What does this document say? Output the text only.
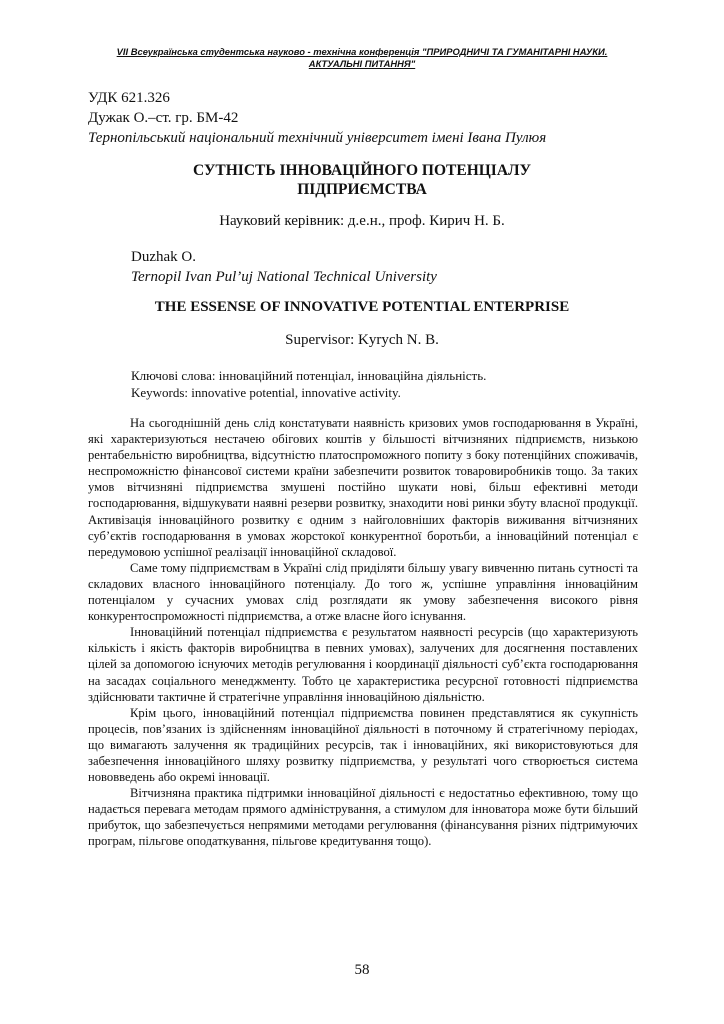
VII Всеукраїнська студентська науково - технічна конференція "ПРИРОДНИЧІ ТА ГУМАНІТАРНІ НАУКИ.
АКТУАЛЬНІ ПИТАННЯ"
УДК 621.326
Дужак О.–ст. гр. БМ-42
Тернопільський національний технічний університет імені Івана Пулюя
СУТНІСТЬ ІННОВАЦІЙНОГО ПОТЕНЦІАЛУ
ПІДПРИЄМСТВА
Науковий керівник: д.е.н., проф. Кирич Н. Б.
Duzhak O.
Ternopil Ivan Pul’uj National Technical University
THE ESSENSE OF INNOVATIVE POTENTIAL ENTERPRISE
Supervisor: Kyrych N. B.
Ключові слова: інноваційний потенціал, інноваційна діяльність.
Keywords: innovative potential, innovative activity.

На сьогоднішній день слід констатувати наявність кризових умов господарювання в Україні, які характеризуються нестачею обігових коштів у більшості вітчизняних підприємств, низькою рентабельністю виробництва, відсутністю платоспроможного попиту з боку потенційних споживачів, неспроможністю фінансової системи країни забезпечити розвиток товаровиробників тощо. За таких умов вітчизняні підприємства змушені постійно шукати нові, більш ефективні методи господарювання, відшукувати наявні резерви розвитку, знаходити нові ринки збуту власної продукції. Активізація інноваційного розвитку є одним з найголовніших факторів виживання вітчизняних суб’єктів господарювання в умовах жорстокої конкурентної боротьби, а інноваційний потенціал є передумовою успішної реалізації інноваційної складової.

Саме тому підприємствам в Україні слід приділяти більшу увагу вивченню питань сутності та складових власного інноваційного потенціалу. До того ж, успішне управління інноваційним потенціалом у сучасних умовах слід розглядати як умову забезпечення високого рівня конкурентоспроможності підприємства, а отже власне його існування.

Інноваційний потенціал підприємства є результатом наявності ресурсів (що характеризують кількість і якість факторів виробництва в певних умовах), залучених для досягнення поставлених цілей за допомогою існуючих методів регулювання і координації діяльності суб’єкта господарювання на засадах соціального менеджменту. Тобто це характеристика ресурсної готовності підприємства здійснювати тактичне й стратегічне управління інноваційною діяльністю.

Крім цього, інноваційний потенціал підприємства повинен представлятися як сукупність процесів, пов’язаних із здійсненням інноваційної діяльності в поточному й стратегічному періодах, що вимагають залучення як традиційних ресурсів, так і інноваційних, які використовуються для забезпечення інноваційного шляху розвитку підприємства, у результаті чого створюється система нововведень або окремі інновації.

Вітчизняна практика підтримки інноваційної діяльності є недостатньо ефективною, тому що надається перевага методам прямого адміністрування, а стимулом для інноватора може бути більший прибуток, що забезпечується непрямими методами регулювання (фінансування різних підтримуючих програм, пільгове оподаткування, пільгове кредитування тощо).

58
